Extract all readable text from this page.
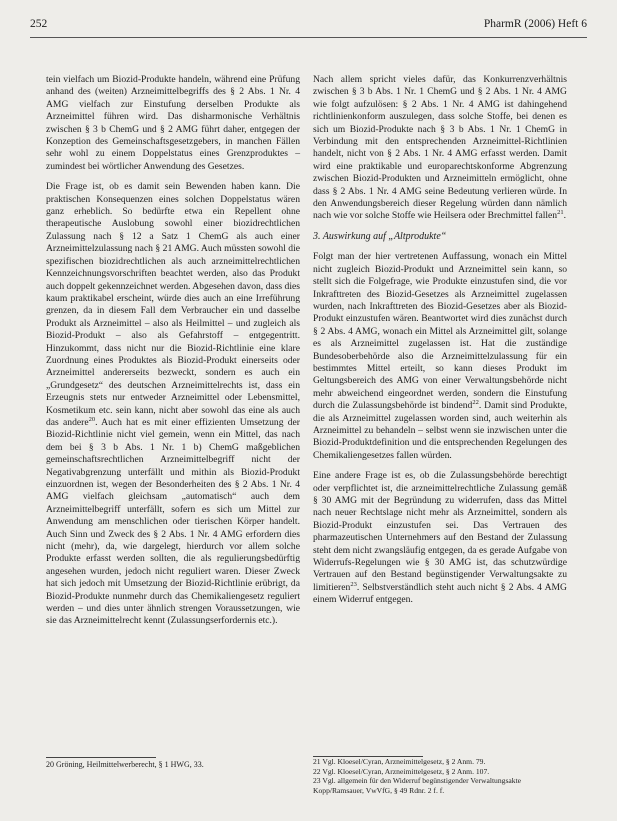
252	PharmR (2006) Heft 6

tein vielfach um Biozid-Produkte handeln, während eine Prüfung anhand des (weiten) Arzneimittelbegriffs des § 2 Abs. 1 Nr. 4 AMG vielfach zur Einstufung derselben Produkte als Arzneimittel führen wird. Das disharmonische Verhältnis zwischen § 3 b ChemG und § 2 AMG führt daher, entgegen der Konzeption des Gemeinschaftsgesetzgebers, in manchen Fällen sehr wohl zu einem Doppelstatus eines Grenzproduktes – zumindest bei wörtlicher Anwendung des Gesetzes.

Die Frage ist, ob es damit sein Bewenden haben kann. Die praktischen Konsequenzen eines solchen Doppelstatus wären ganz erheblich. So bedürfte etwa ein Repellent ohne therapeutische Auslobung sowohl einer biozidrechtlichen Zulassung nach § 12 a Satz 1 ChemG als auch einer Arzneimittelzulassung nach § 21 AMG. Auch müssten sowohl die spezifischen biozidrechtlichen als auch arzneimittelrechtlichen Kennzeichnungsvorschriften beachtet werden, also das Produkt auch doppelt gekennzeichnet werden. Abgesehen davon, dass dies kaum praktikabel erscheint, würde dies auch an eine Irreführung grenzen, da in diesem Fall dem Verbraucher ein und dasselbe Produkt als Arzneimittel – also als Heilmittel – und zugleich als Biozid-Produkt – also als Gefahrstoff – entgegentritt. Hinzukommt, dass nicht nur die Biozid-Richtlinie eine klare Zuordnung eines Produktes als Biozid-Produkt einerseits oder Arzneimittel andererseits bezweckt, sondern es auch ein „Grundgesetz“ des deutschen Arzneimittelrechts ist, dass ein Erzeugnis stets nur entweder Arzneimittel oder Lebensmittel, Kosmetikum etc. sein kann, nicht aber sowohl das eine als auch das andere$^{20}$. Auch hat es mit einer effizienten Umsetzung der Biozid-Richtlinie nicht viel gemein, wenn ein Mittel, das nach dem bei § 3 b Abs. 1 Nr. 1 b) ChemG maßgeblichen gemeinschaftsrechtlichen Arzneimittelbegriff nicht der Negativabgrenzung unterfällt und mithin als Biozid-Produkt einzuordnen ist, wegen der Besonderheiten des § 2 Abs. 1 Nr. 4 AMG vielfach gleichsam „automatisch“ auch dem Arzneimittelbegriff unterfällt, sofern es sich um Mittel zur Anwendung am menschlichen oder tierischen Körper handelt. Auch Sinn und Zweck des § 2 Abs. 1 Nr. 4 AMG erfordern dies nicht (mehr), da, wie dargelegt, hierdurch vor allem solche Produkte erfasst werden sollten, die als regulierungsbedürftig angesehen wurden, jedoch nicht reguliert waren. Dieser Zweck hat sich jedoch mit Umsetzung der Biozid-Richtlinie erübrigt, da Biozid-Produkte nunmehr durch das Chemikaliengesetz reguliert werden – und dies unter ähnlich strengen Voraussetzungen, wie sie das Arzneimittelrecht kennt (Zulassungserfordernis etc.).

Nach allem spricht vieles dafür, das Konkurrenzverhältnis zwischen § 3 b Abs. 1 Nr. 1 ChemG und § 2 Abs. 1 Nr. 4 AMG wie folgt aufzulösen: § 2 Abs. 1 Nr. 4 AMG ist dahingehend richtlinienkonform auszulegen, dass solche Stoffe, bei denen es sich um Biozid-Produkte nach § 3 b Abs. 1 Nr. 1 ChemG in Verbindung mit den entsprechenden Arzneimittel-Richtlinien handelt, nicht von § 2 Abs. 1 Nr. 4 AMG erfasst werden. Damit wird eine praktikable und europarechtskonforme Abgrenzung zwischen Biozid-Produkten und Arzneimitteln ermöglicht, ohne dass § 2 Abs. 1 Nr. 4 AMG seine Bedeutung verlieren würde. In den Anwendungsbereich dieser Regelung würden dann nämlich nach wie vor solche Stoffe wie Heilsera oder Brechmittel fallen$^{21}$.

3. Auswirkung auf „Altprodukte“

Folgt man der hier vertretenen Auffassung, wonach ein Mittel nicht zugleich Biozid-Produkt und Arzneimittel sein kann, so stellt sich die Folgefrage, wie Produkte einzustufen sind, die vor Inkrafttreten des Biozid-Gesetzes als Arzneimittel zugelassen wurden, nach Inkrafttreten des Biozid-Gesetzes aber als Biozid-Produkt einzustufen wären. Beantwortet wird dies zunächst durch § 2 Abs. 4 AMG, wonach ein Mittel als Arzneimittel gilt, solange es als Arzneimittel zugelassen ist. Hat die zuständige Bundesoberbehörde also die Arzneimittelzulassung für ein bestimmtes Mittel erteilt, so kann dieses Produkt im Geltungsbereich des AMG von einer Verwaltungsbehörde nicht mehr abweichend eingeordnet werden, sondern die Einstufung durch die Zulassungsbehörde ist bindend$^{22}$. Damit sind Produkte, die als Arzneimittel zugelassen worden sind, auch weiterhin als Arzneimittel zu behandeln – selbst wenn sie inzwischen unter die Biozid-Produktdefinition und die entsprechenden Regelungen des Chemikaliengesetzes fallen würden.

Eine andere Frage ist es, ob die Zulassungsbehörde berechtigt oder verpflichtet ist, die arzneimittelrechtliche Zulassung gemäß § 30 AMG mit der Begründung zu widerrufen, dass das Mittel nach neuer Rechtslage nicht mehr als Arzneimittel, sondern als Biozid-Produkt einzustufen sei. Das Vertrauen des pharmazeutischen Unternehmers auf den Bestand der Zulassung steht dem nicht zwangsläufig entgegen, da es gerade Aufgabe von Widerrufs-Regelungen wie § 30 AMG ist, das schutzwürdige Vertrauen auf den Bestand begünstigender Verwaltungsakte zu limitieren$^{23}$. Selbstverständlich steht auch nicht § 2 Abs. 4 AMG einem Widerruf entgegen.

20 Gröning, Heilmittelwerberecht, § 1 HWG, 33.	21 Vgl. Kloesel/Cyran, Arzneimittelgesetz, § 2 Anm. 79.
22 Vgl. Kloesel/Cyran, Arzneimittelgesetz, § 2 Anm. 107.
23 Vgl. allgemein für den Widerruf begünstigender Verwaltungsakte Kopp/Ramsauer, VwVfG, § 49 Rdnr. 2 f. f.
